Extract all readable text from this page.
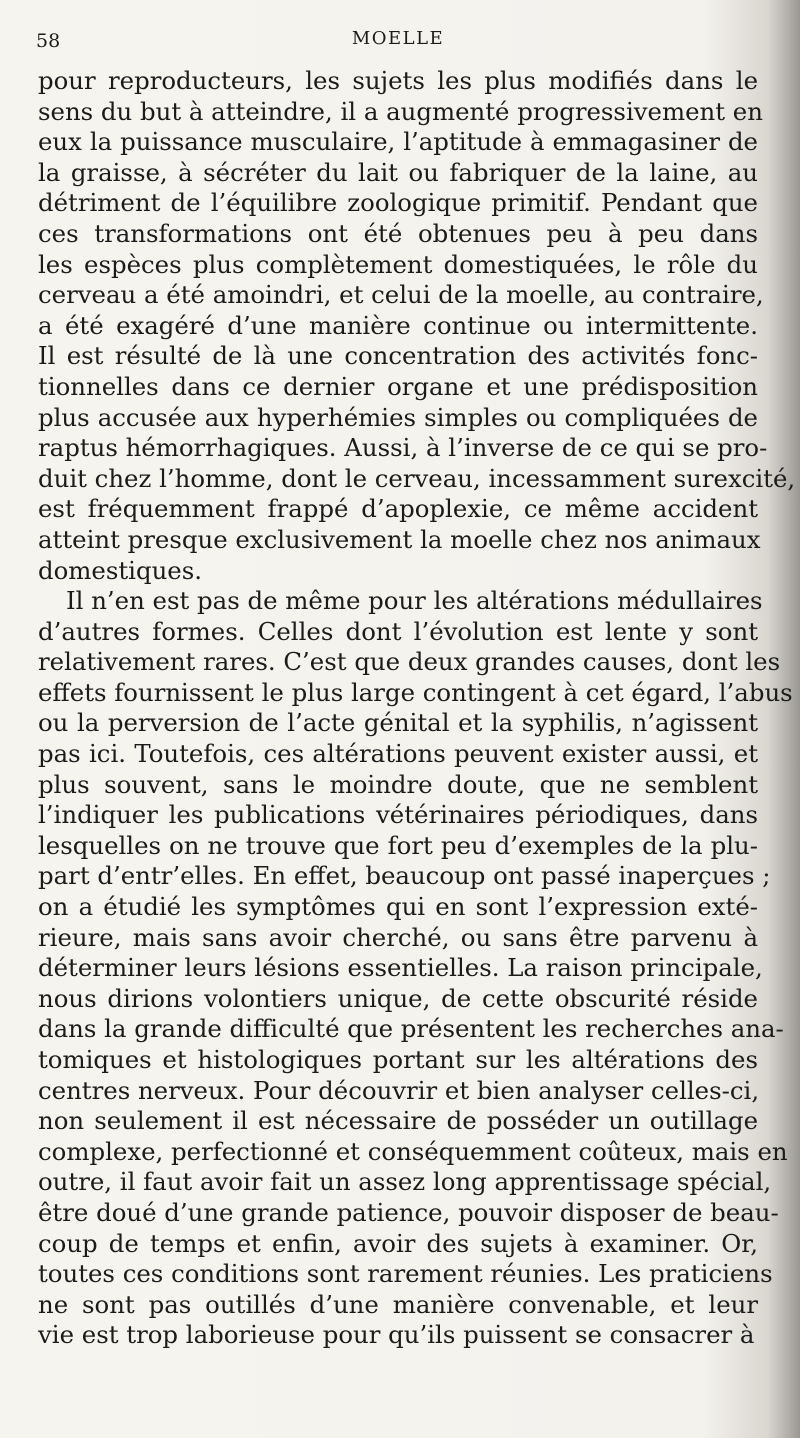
58	MOELLE

pour reproducteurs, les sujets les plus modifiés dans le
sens du but à atteindre, il a augmenté progressivement en
eux la puissance musculaire, l’aptitude à emmagasiner de
la graisse, à sécréter du lait ou fabriquer de la laine, au
détriment de l’équilibre zoologique primitif. Pendant que
ces transformations ont été obtenues peu à peu dans
les espèces plus complètement domestiquées, le rôle du
cerveau a été amoindri, et celui de la moelle, au contraire,
a été exagéré d’une manière continue ou intermittente.
Il est résulté de là une concentration des activités fonc-
tionnelles dans ce dernier organe et une prédisposition
plus accusée aux hyperhémies simples ou compliquées de
raptus hémorrhagiques. Aussi, à l’inverse de ce qui se pro-
duit chez l’homme, dont le cerveau, incessamment surexcité,
est fréquemment frappé d’apoplexie, ce même accident
atteint presque exclusivement la moelle chez nos animaux
domestiques.

Il n’en est pas de même pour les altérations médullaires
d’autres formes. Celles dont l’évolution est lente y sont
relativement rares. C’est que deux grandes causes, dont les
effets fournissent le plus large contingent à cet égard, l’abus
ou la perversion de l’acte génital et la syphilis, n’agissent
pas ici. Toutefois, ces altérations peuvent exister aussi, et
plus souvent, sans le moindre doute, que ne semblent
l’indiquer les publications vétérinaires périodiques, dans
lesquelles on ne trouve que fort peu d’exemples de la plu-
part d’entr’elles. En effet, beaucoup ont passé inaperçues ;
on a étudié les symptômes qui en sont l’expression exté-
rieure, mais sans avoir cherché, ou sans être parvenu à
déterminer leurs lésions essentielles. La raison principale,
nous dirions volontiers unique, de cette obscurité réside
dans la grande difficulté que présentent les recherches ana-
tomiques et histologiques portant sur les altérations des
centres nerveux. Pour découvrir et bien analyser celles-ci,
non seulement il est nécessaire de posséder un outillage
complexe, perfectionné et conséquemment coûteux, mais en
outre, il faut avoir fait un assez long apprentissage spécial,
être doué d’une grande patience, pouvoir disposer de beau-
coup de temps et enfin, avoir des sujets à examiner. Or,
toutes ces conditions sont rarement réunies. Les praticiens
ne sont pas outillés d’une manière convenable, et leur
vie est trop laborieuse pour qu’ils puissent se consacrer à
